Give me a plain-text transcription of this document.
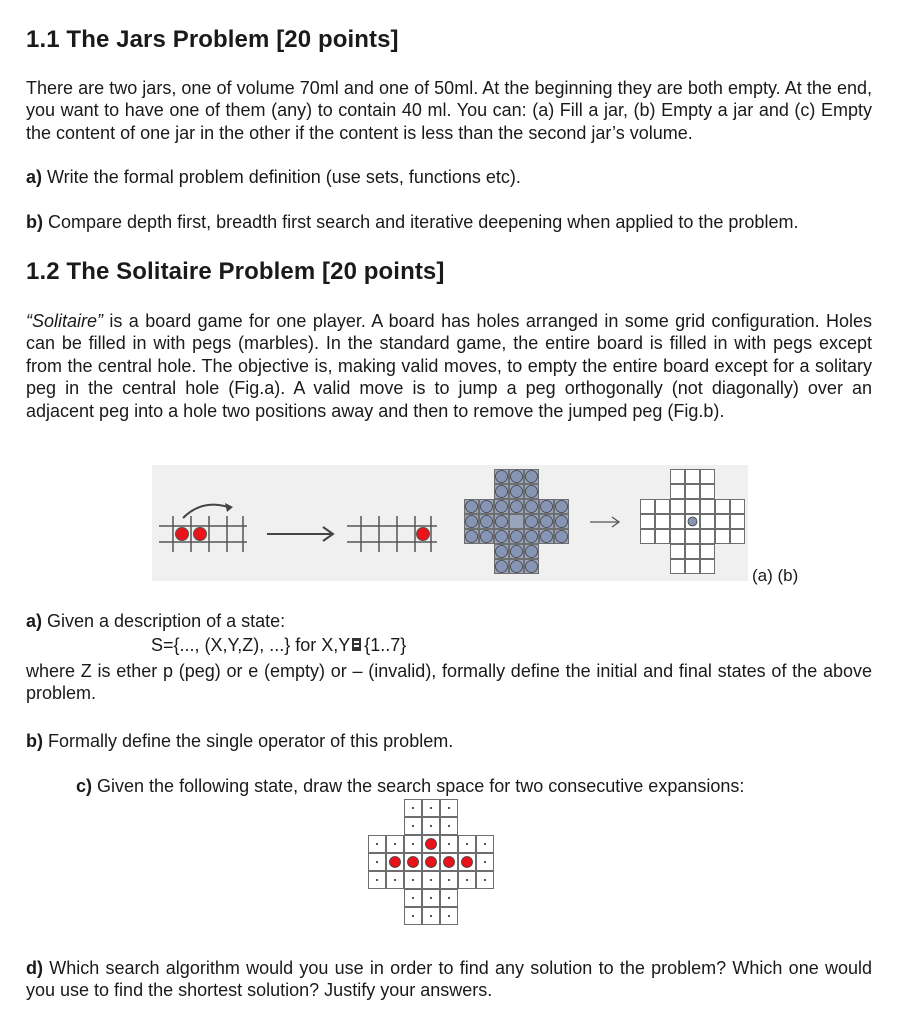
1.1 The Jars Problem [20 points]
There are two jars, one of volume 70ml and one of 50ml. At the beginning they are both empty. At the end, you want to have one of them (any) to contain 40 ml. You can: (a) Fill a jar, (b) Empty a jar and (c) Empty the content of one jar in the other if the content is less than the second jar’s volume.
a) Write the formal problem definition (use sets, functions etc).
b) Compare depth first, breadth first search and iterative deepening when applied to the problem.
1.2 The Solitaire Problem [20 points]
“Solitaire” is a board game for one player. A board has holes arranged in some grid configuration. Holes can be filled in with pegs (marbles). In the standard game, the entire board is filled in with pegs except from the central hole. The objective is, making valid moves, to empty the entire board except for a solitary peg in the central hole (Fig.a). A valid move is to jump a peg orthogonally (not diagonally) over an adjacent peg into a hole two positions away and then to remove the jumped peg (Fig.b).
(a) (b)
a) Given a description of a state:
S={..., (X,Y,Z), ...} for X,Y {1..7}
where Z is ether p (peg) or e (empty) or – (invalid), formally define the initial and final states of the above problem.
b) Formally define the single operator of this problem.
c) Given the following state, draw the search space for two consecutive expansions:
d) Which search algorithm would you use in order to find any solution to the problem? Which one would you use to find the shortest solution? Justify your answers.
